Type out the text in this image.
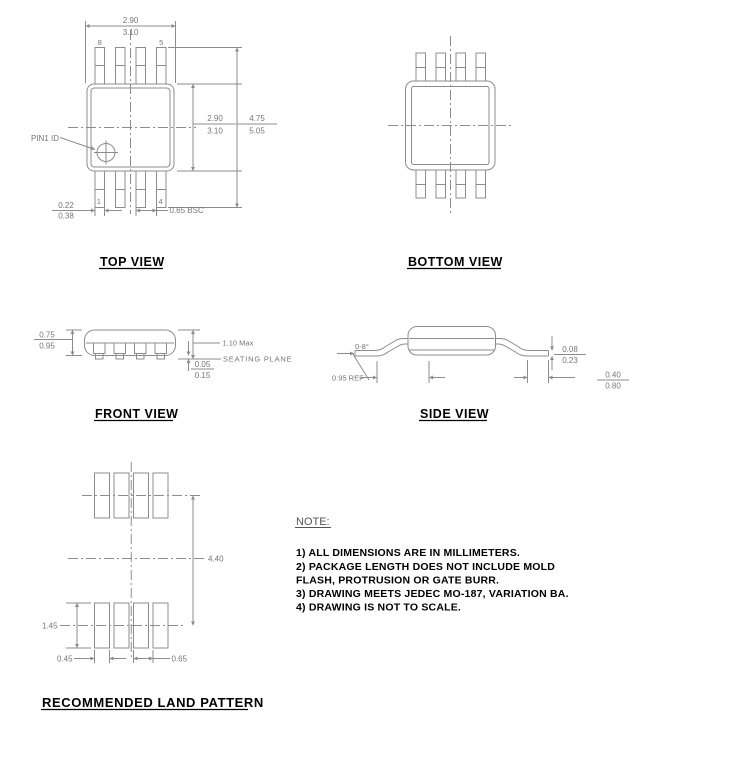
PIN1 ID
8	5
2.90
3.10
2.90
3.10
4.75
5.05
0.22
0.38
1	4
0.65 BSC
TOP VIEW	BOTTOM VIEW
0.75
0.95	1.10 Max
SEATING PLANE
0.05
0.15
FRONT VIEW
0-8°
0.95 REF
0.08
0.23
0.40
0.80
SIDE VIEW
4.40
1.45
0.45	0.65
RECOMMENDED LAND PATTERN
NOTE:
1) ALL DIMENSIONS ARE IN MILLIMETERS.
2) PACKAGE LENGTH DOES NOT INCLUDE MOLD
FLASH, PROTRUSION OR GATE BURR.
3) DRAWING MEETS JEDEC MO-187, VARIATION BA.
4) DRAWING IS NOT TO SCALE.
